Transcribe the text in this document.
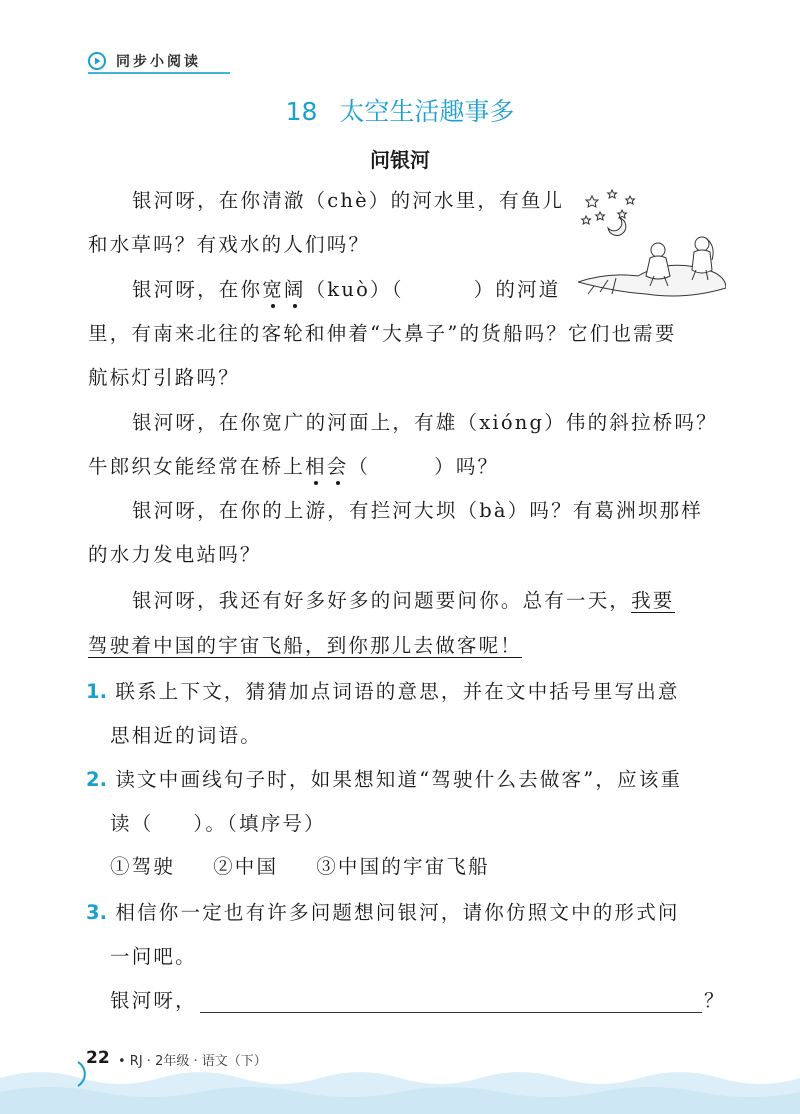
同步小阅读
18 太空生活趣事多
问银河
银河呀，在你清澈（chè）的河水里，有鱼儿
和水草吗？有戏水的人们吗？
银河呀，在你宽阔（kuò）（	）的河道
里，有南来北往的客轮和伸着“大鼻子”的货船吗？它们也需要
航标灯引路吗？
银河呀，在你宽广的河面上，有雄（xióng）伟的斜拉桥吗？
牛郎织女能经常在桥上相会（	）吗？
银河呀，在你的上游，有拦河大坝（bà）吗？有葛洲坝那样
的水力发电站吗？
银河呀，我还有好多好多的问题要问你。总有一天，我要
驾驶着中国的宇宙飞船，到你那儿去做客呢！
1. 联系上下文，猜猜加点词语的意思，并在文中括号里写出意
思相近的词语。
2. 读文中画线句子时，如果想知道“驾驶什么去做客”，应该重
读（ ）。（填序号）
①驾驶 ②中国 ③中国的宇宙飞船
3. 相信你一定也有许多问题想问银河，请你仿照文中的形式问
一问吧。
银河呀，	？
22 • RJ · 2年级 · 语文（下）
